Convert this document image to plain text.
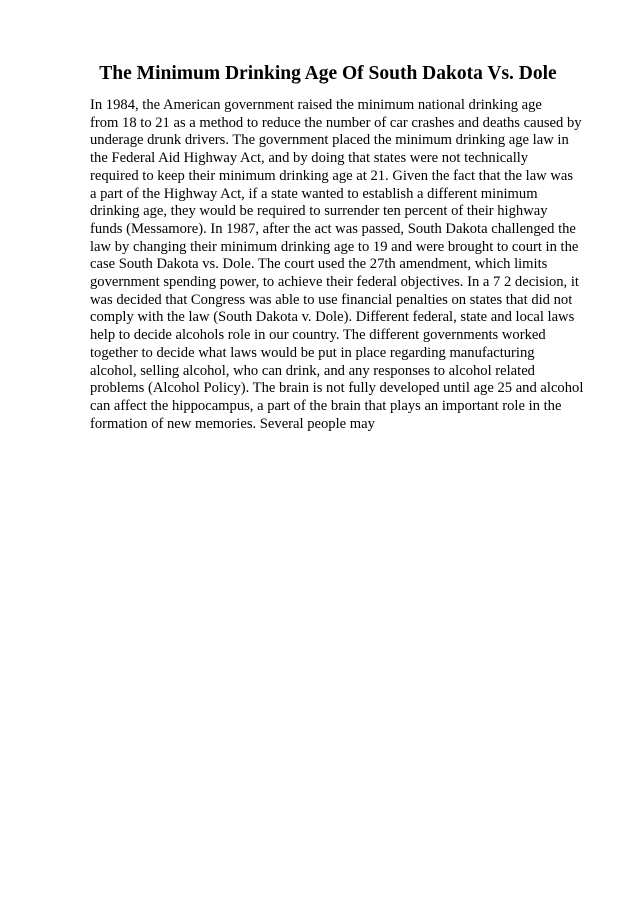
The Minimum Drinking Age Of South Dakota Vs. Dole
In 1984, the American government raised the minimum national drinking age
from 18 to 21 as a method to reduce the number of car crashes and deaths caused by
underage drunk drivers. The government placed the minimum drinking age law in
the Federal Aid Highway Act, and by doing that states were not technically
required to keep their minimum drinking age at 21. Given the fact that the law was
a part of the Highway Act, if a state wanted to establish a different minimum
drinking age, they would be required to surrender ten percent of their highway
funds (Messamore). In 1987, after the act was passed, South Dakota challenged the
law by changing their minimum drinking age to 19 and were brought to court in the
case South Dakota vs. Dole. The court used the 27th amendment, which limits
government spending power, to achieve their federal objectives. In a 7 2 decision, it
was decided that Congress was able to use financial penalties on states that did not
comply with the law (South Dakota v. Dole). Different federal, state and local laws
help to decide alcohols role in our country. The different governments worked
together to decide what laws would be put in place regarding manufacturing
alcohol, selling alcohol, who can drink, and any responses to alcohol related
problems (Alcohol Policy). The brain is not fully developed until age 25 and alcohol
can affect the hippocampus, a part of the brain that plays an important role in the
formation of new memories. Several people may
